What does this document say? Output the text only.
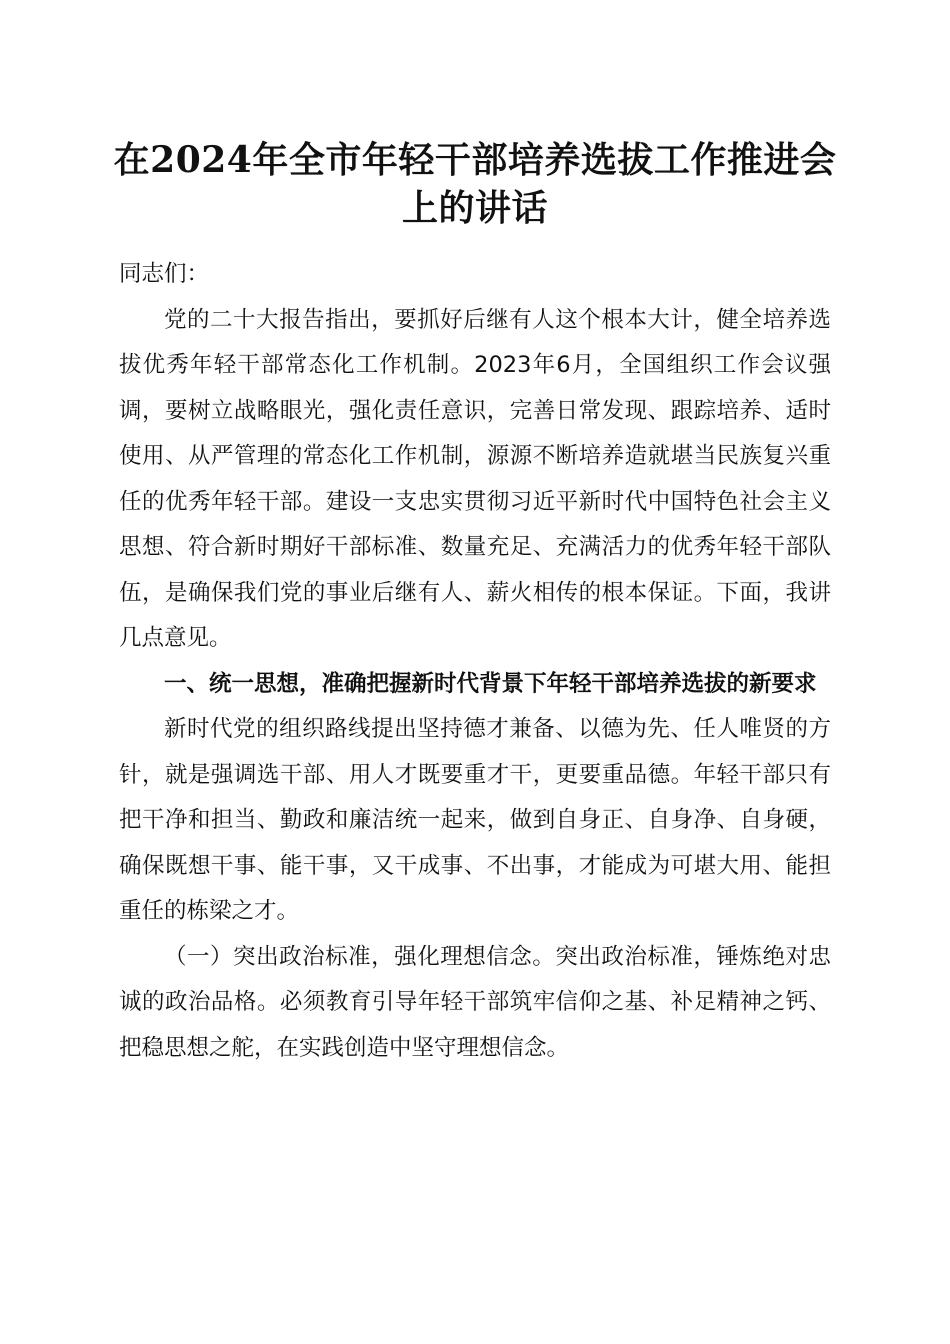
在2024年全市年轻干部培养选拔工作推进会
上的讲话

同志们：

党的二十大报告指出，要抓好后继有人这个根本大计，健全培养选拔优秀年轻干部常态化工作机制。2023年6月，全国组织工作会议强调，要树立战略眼光，强化责任意识，完善日常发现、跟踪培养、适时使用、从严管理的常态化工作机制，源源不断培养造就堪当民族复兴重任的优秀年轻干部。建设一支忠实贯彻习近平新时代中国特色社会主义思想、符合新时期好干部标准、数量充足、充满活力的优秀年轻干部队伍，是确保我们党的事业后继有人、薪火相传的根本保证。下面，我讲几点意见。

一、统一思想，准确把握新时代背景下年轻干部培养选拔的新要求

新时代党的组织路线提出坚持德才兼备、以德为先、任人唯贤的方针，就是强调选干部、用人才既要重才干，更要重品德。年轻干部只有把干净和担当、勤政和廉洁统一起来，做到自身正、自身净、自身硬，确保既想干事、能干事，又干成事、不出事，才能成为可堪大用、能担重任的栋梁之才。

（一）突出政治标准，强化理想信念。突出政治标准，锤炼绝对忠诚的政治品格。必须教育引导年轻干部筑牢信仰之基、补足精神之钙、把稳思想之舵，在实践创造中坚守理想信念。
